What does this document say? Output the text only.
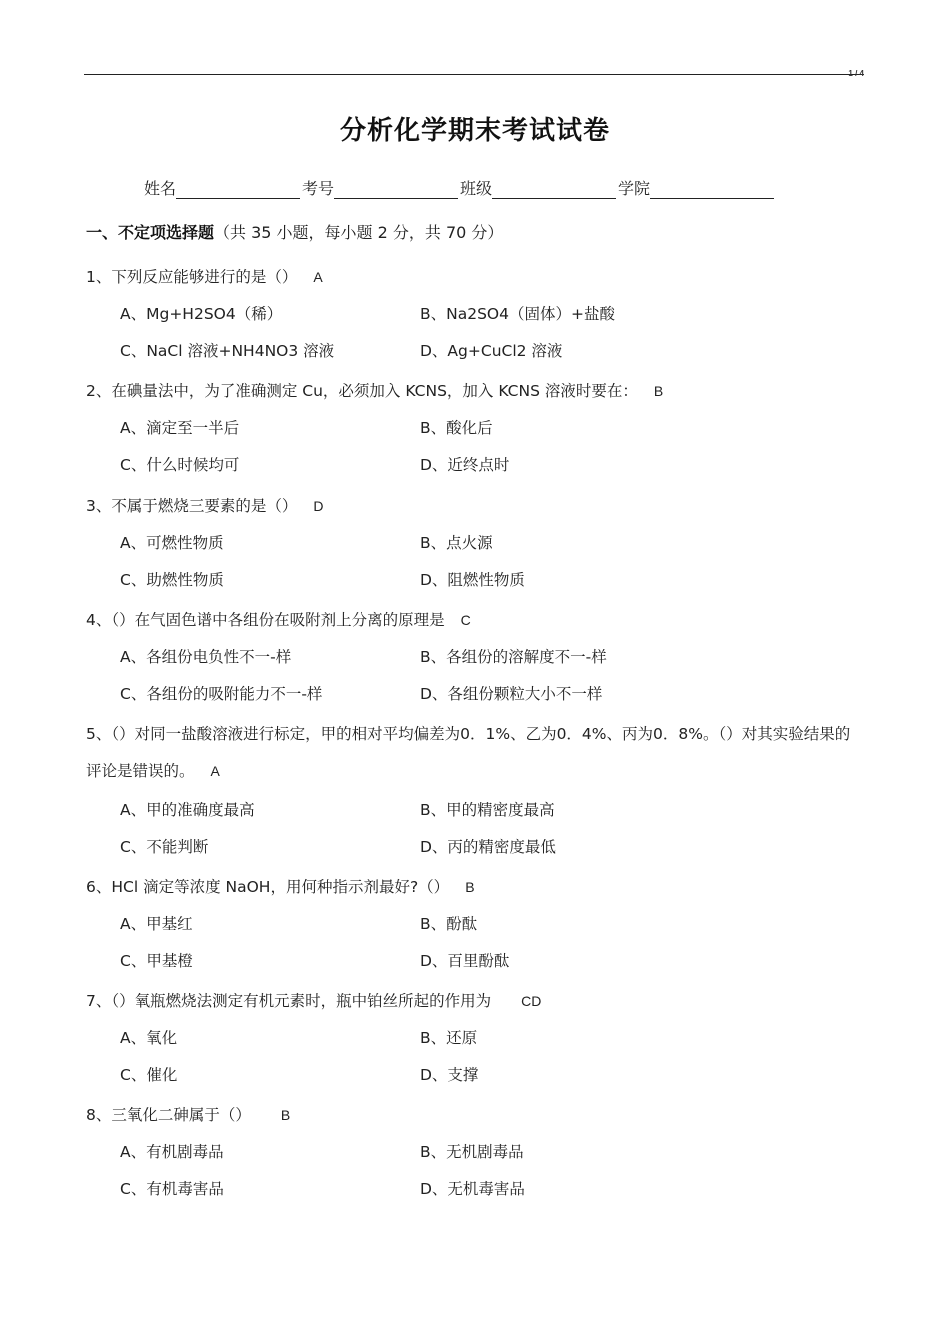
1 / 4
分析化学期末考试试卷
姓名	考号	班级	学院
一、不定项选择题（共 35 小题，每小题 2 分，共 70 分）
1、下列反应能够进行的是（） A
A、Mg+H2SO4（稀）	B、Na2SO4（固体）+盐酸
C、NaCl 溶液+NH4NO3 溶液	D、Ag+CuCl2 溶液
2、在碘量法中，为了准确测定 Cu，必须加入 KCNS，加入 KCNS 溶液时要在： B
A、滴定至一半后	B、酸化后
C、什么时候均可	D、近终点时
3、不属于燃烧三要素的是（） D
A、可燃性物质	B、点火源
C、助燃性物质	D、阻燃性物质
4、（）在气固色谱中各组份在吸附剂上分离的原理是 C
A、各组份电负性不一-样	B、各组份的溶解度不一-样
C、各组份的吸附能力不一-样	D、各组份颗粒大小不一样
5、（）对同一盐酸溶液进行标定，甲的相对平均偏差为0．1%、乙为0．4%、丙为0．8%。（）对其实验结果的评论是错误的。 A
A、甲的准确度最高	B、甲的精密度最高
C、不能判断	D、丙的精密度最低
6、HCl 滴定等浓度 NaOH，用何种指示剂最好?（） B
A、甲基红	B、酚酞
C、甲基橙	D、百里酚酞
7、（）氧瓶燃烧法测定有机元素时，瓶中铂丝所起的作用为 CD
A、氧化	B、还原
C、催化	D、支撑
8、三氧化二砷属于（） B
A、有机剧毒品	B、无机剧毒品
C、有机毒害品	D、无机毒害品
